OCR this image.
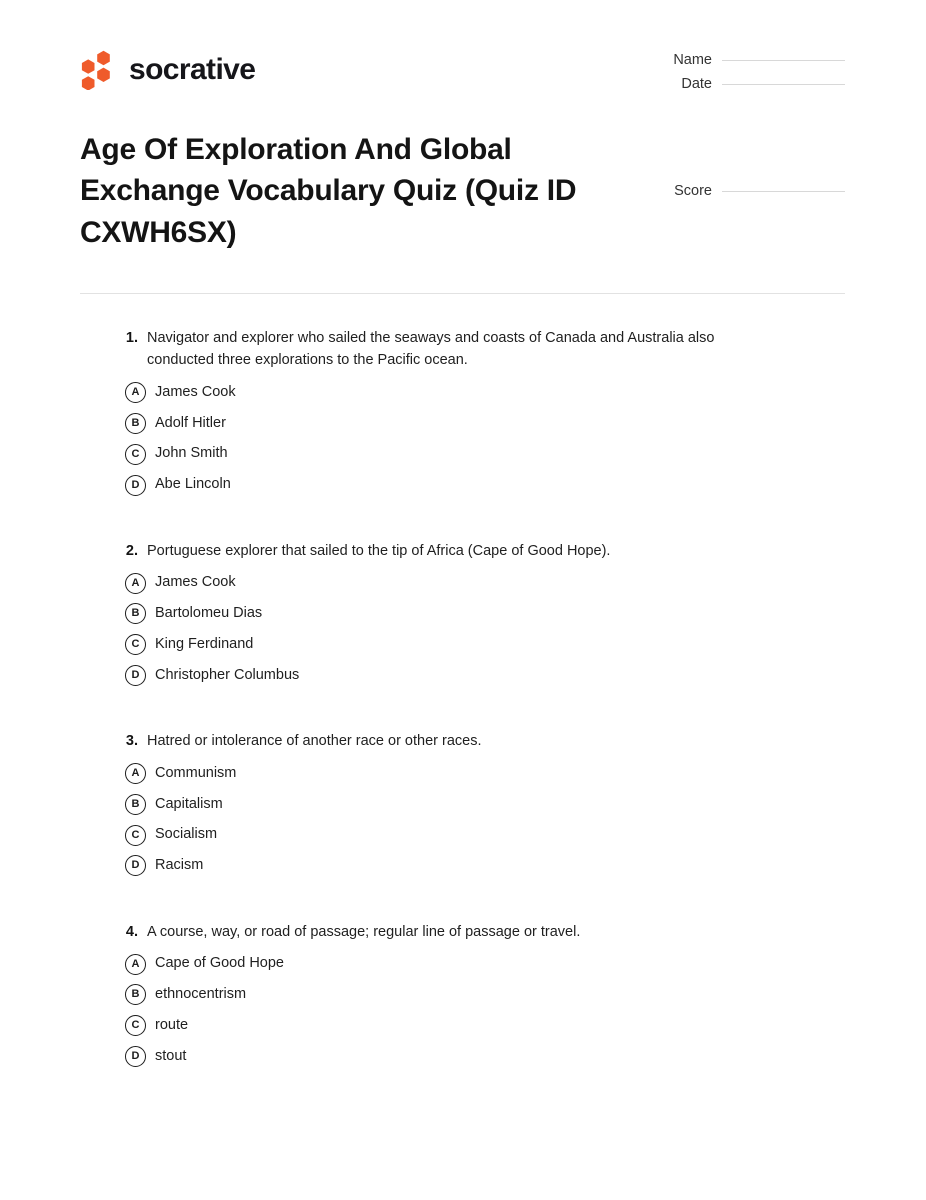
socrative	Name
Date
Age Of Exploration And Global Exchange Vocabulary Quiz (Quiz ID CXWH6SX)
Score
1. Navigator and explorer who sailed the seaways and coasts of Canada and Australia also conducted three explorations to the Pacific ocean.
A	James Cook
B	Adolf Hitler
C	John Smith
D	Abe Lincoln
2. Portuguese explorer that sailed to the tip of Africa (Cape of Good Hope).
A	James Cook
B	Bartolomeu Dias
C	King Ferdinand
D	Christopher Columbus
3. Hatred or intolerance of another race or other races.
A	Communism
B	Capitalism
C	Socialism
D	Racism
4. A course, way, or road of passage; regular line of passage or travel.
A	Cape of Good Hope
B	ethnocentrism
C	route
D	stout
